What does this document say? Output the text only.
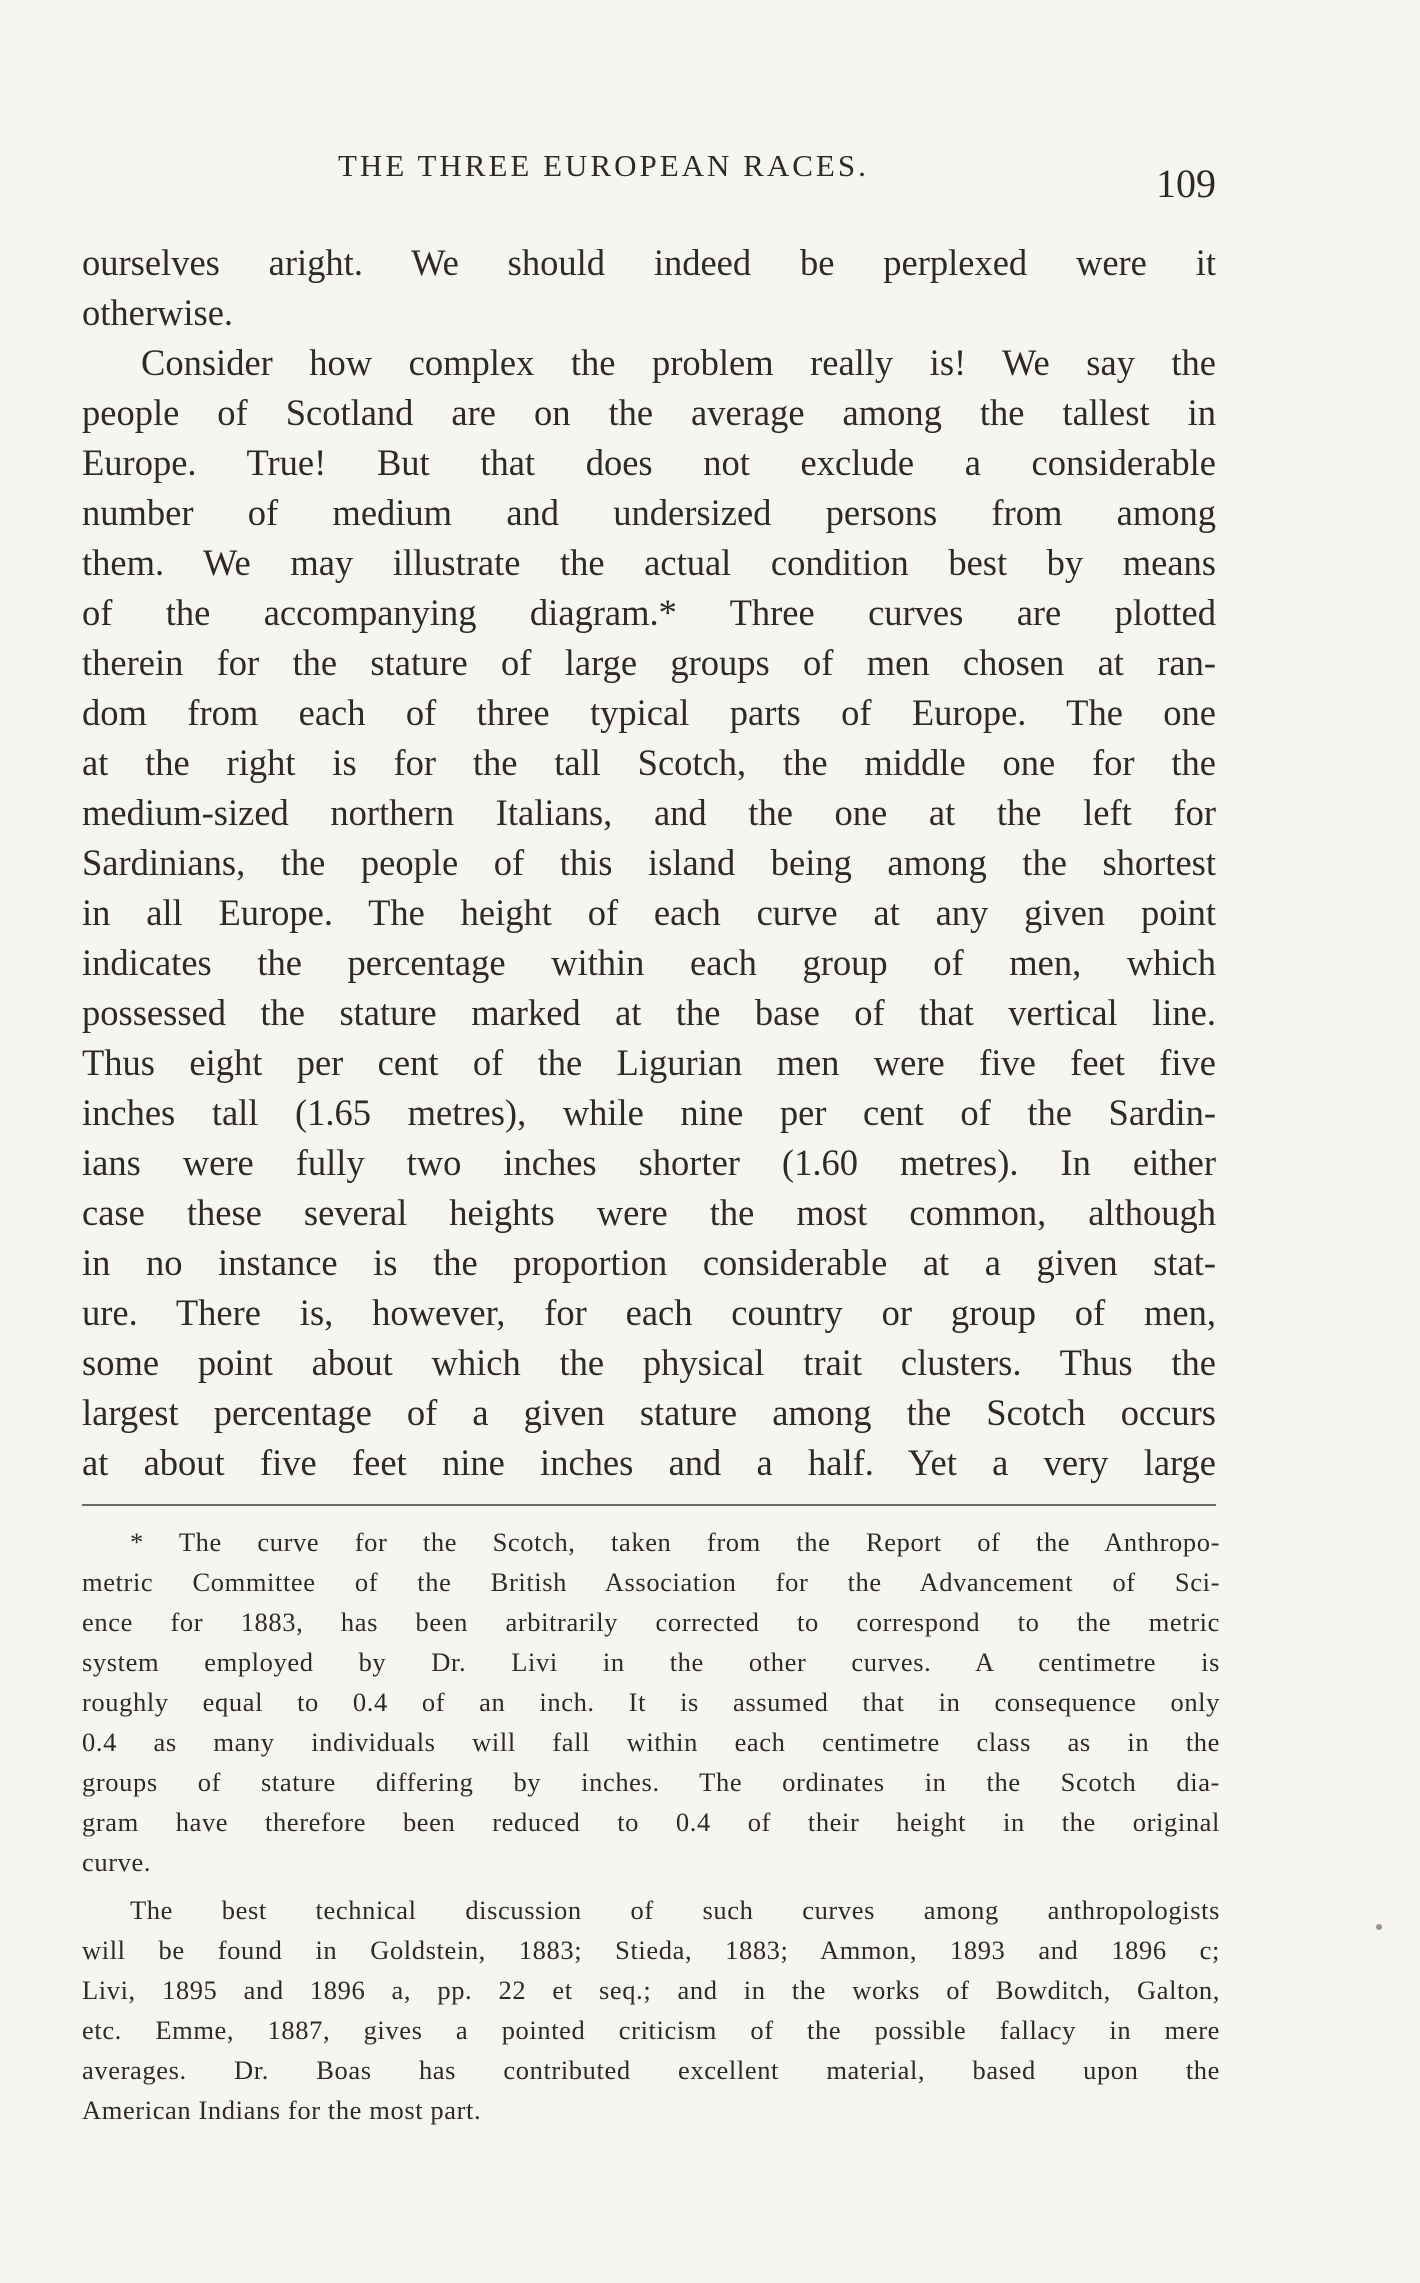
THE THREE EUROPEAN RACES.	109
ourselves aright. We should indeed be perplexed were it
otherwise.
Consider how complex the problem really is! We say the
people of Scotland are on the average among the tallest in
Europe. True! But that does not exclude a considerable
number of medium and undersized persons from among
them. We may illustrate the actual condition best by means
of the accompanying diagram.* Three curves are plotted
therein for the stature of large groups of men chosen at ran-
dom from each of three typical parts of Europe. The one
at the right is for the tall Scotch, the middle one for the
medium-sized northern Italians, and the one at the left for
Sardinians, the people of this island being among the shortest
in all Europe. The height of each curve at any given point
indicates the percentage within each group of men, which
possessed the stature marked at the base of that vertical line.
Thus eight per cent of the Ligurian men were five feet five
inches tall (1.65 metres), while nine per cent of the Sardin-
ians were fully two inches shorter (1.60 metres). In either
case these several heights were the most common, although
in no instance is the proportion considerable at a given stat-
ure. There is, however, for each country or group of men,
some point about which the physical trait clusters. Thus the
largest percentage of a given stature among the Scotch occurs
at about five feet nine inches and a half. Yet a very large
* The curve for the Scotch, taken from the Report of the Anthropo-
metric Committee of the British Association for the Advancement of Sci-
ence for 1883, has been arbitrarily corrected to correspond to the metric
system employed by Dr. Livi in the other curves. A centimetre is
roughly equal to 0.4 of an inch. It is assumed that in consequence only
0.4 as many individuals will fall within each centimetre class as in the
groups of stature differing by inches. The ordinates in the Scotch dia-
gram have therefore been reduced to 0.4 of their height in the original
curve.
The best technical discussion of such curves among anthropologists
will be found in Goldstein, 1883; Stieda, 1883; Ammon, 1893 and 1896 c;
Livi, 1895 and 1896 a, pp. 22 et seq.; and in the works of Bowditch, Galton,
etc. Emme, 1887, gives a pointed criticism of the possible fallacy in mere
averages. Dr. Boas has contributed excellent material, based upon the
American Indians for the most part.
